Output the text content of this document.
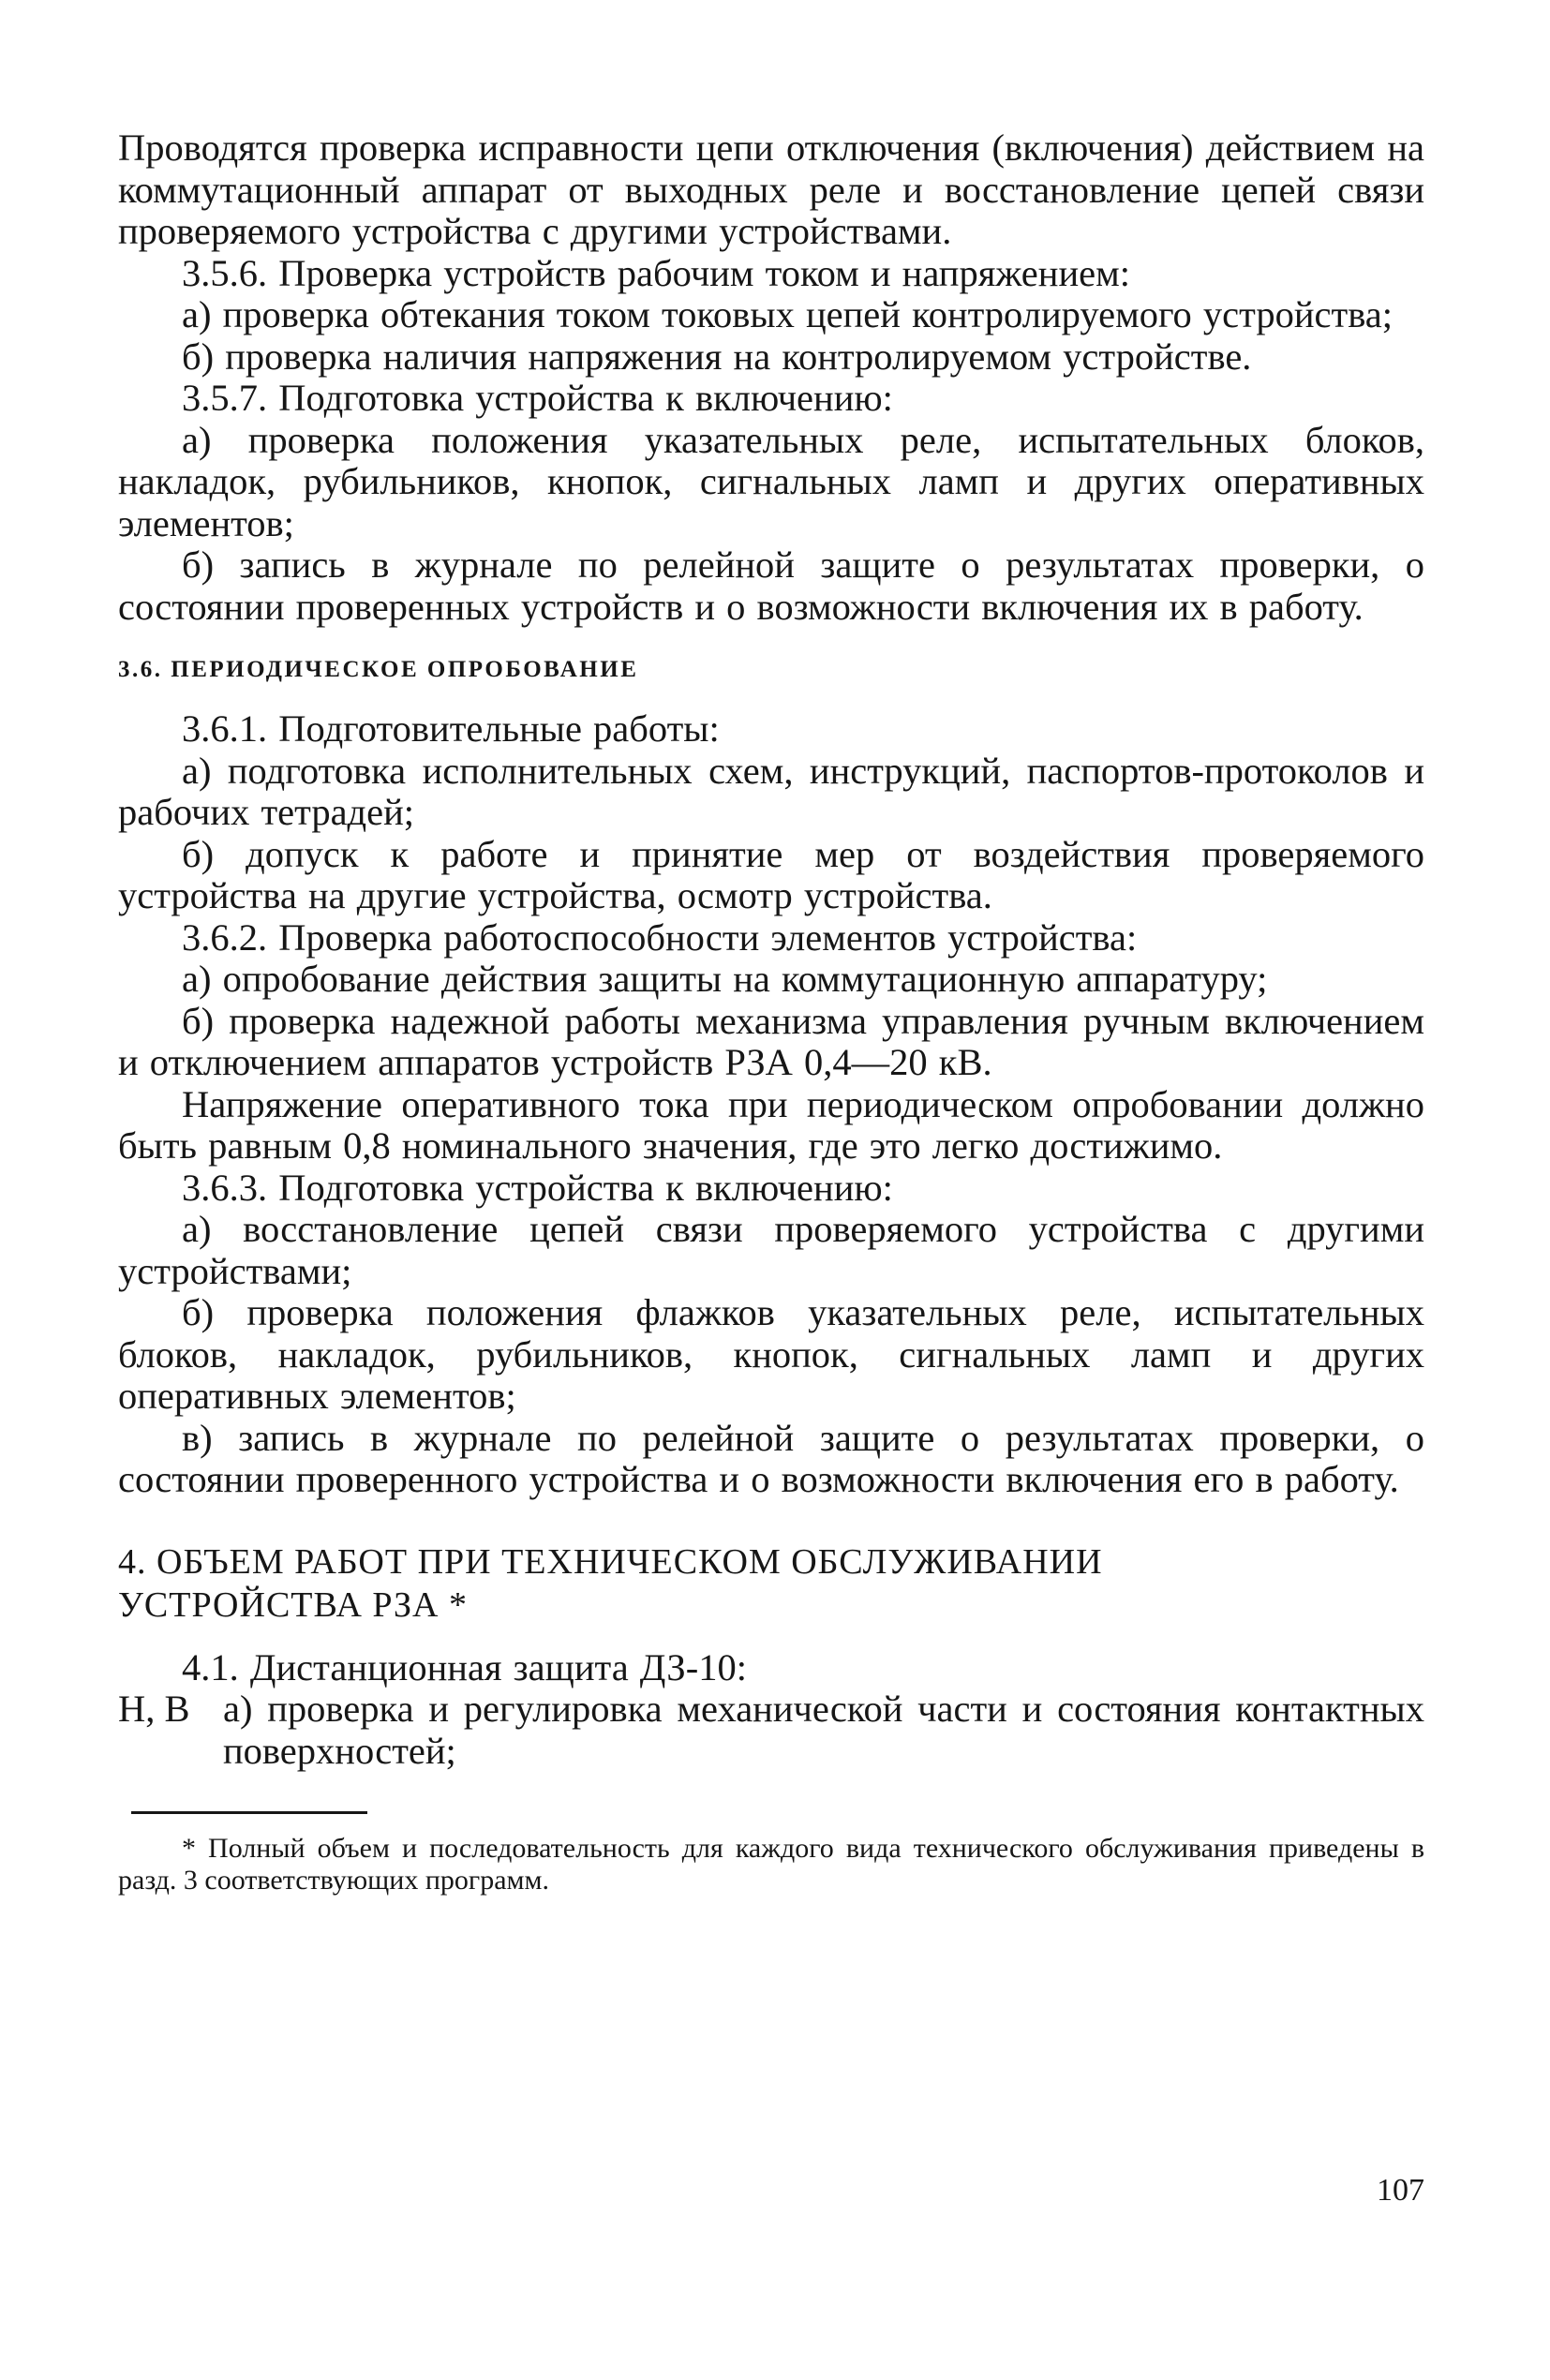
Проводятся проверка исправности цепи отключения (включения) действием на коммутационный аппарат от выходных реле и восстановление цепей связи проверяемого устройства с другими устройствами.

3.5.6. Проверка устройств рабочим током и напряжением:

а) проверка обтекания током токовых цепей контролируемого устройства;

б) проверка наличия напряжения на контролируемом устройстве.

3.5.7. Подготовка устройства к включению:

а) проверка положения указательных реле, испытательных блоков, накладок, рубильников, кнопок, сигнальных ламп и других оперативных элементов;

б) запись в журнале по релейной защите о результатах проверки, о состоянии проверенных устройств и о возможности включения их в работу.

3.6. ПЕРИОДИЧЕСКОЕ ОПРОБОВАНИЕ

3.6.1. Подготовительные работы:

а) подготовка исполнительных схем, инструкций, паспортов-протоколов и рабочих тетрадей;

б) допуск к работе и принятие мер от воздействия проверяемого устройства на другие устройства, осмотр устройства.

3.6.2. Проверка работоспособности элементов устройства:

а) опробование действия защиты на коммутационную аппаратуру;

б) проверка надежной работы механизма управления ручным включением и отключением аппаратов устройств РЗА 0,4—20 кВ.

Напряжение оперативного тока при периодическом опробовании должно быть равным 0,8 номинального значения, где это легко достижимо.

3.6.3. Подготовка устройства к включению:

а) восстановление цепей связи проверяемого устройства с другими устройствами;

б) проверка положения флажков указательных реле, испытательных блоков, накладок, рубильников, кнопок, сигнальных ламп и других оперативных элементов;

в) запись в журнале по релейной защите о результатах проверки, о состоянии проверенного устройства и о возможности включения его в работу.

4. ОБЪЕМ РАБОТ ПРИ ТЕХНИЧЕСКОМ ОБСЛУЖИВАНИИ
УСТРОЙСТВА РЗА *

4.1. Дистанционная защита ДЗ-10:

Н, В а) проверка и регулировка механической части и состояния контактных поверхностей;

* Полный объем и последовательность для каждого вида технического обслуживания приведены в разд. 3 соответствующих программ.

107
